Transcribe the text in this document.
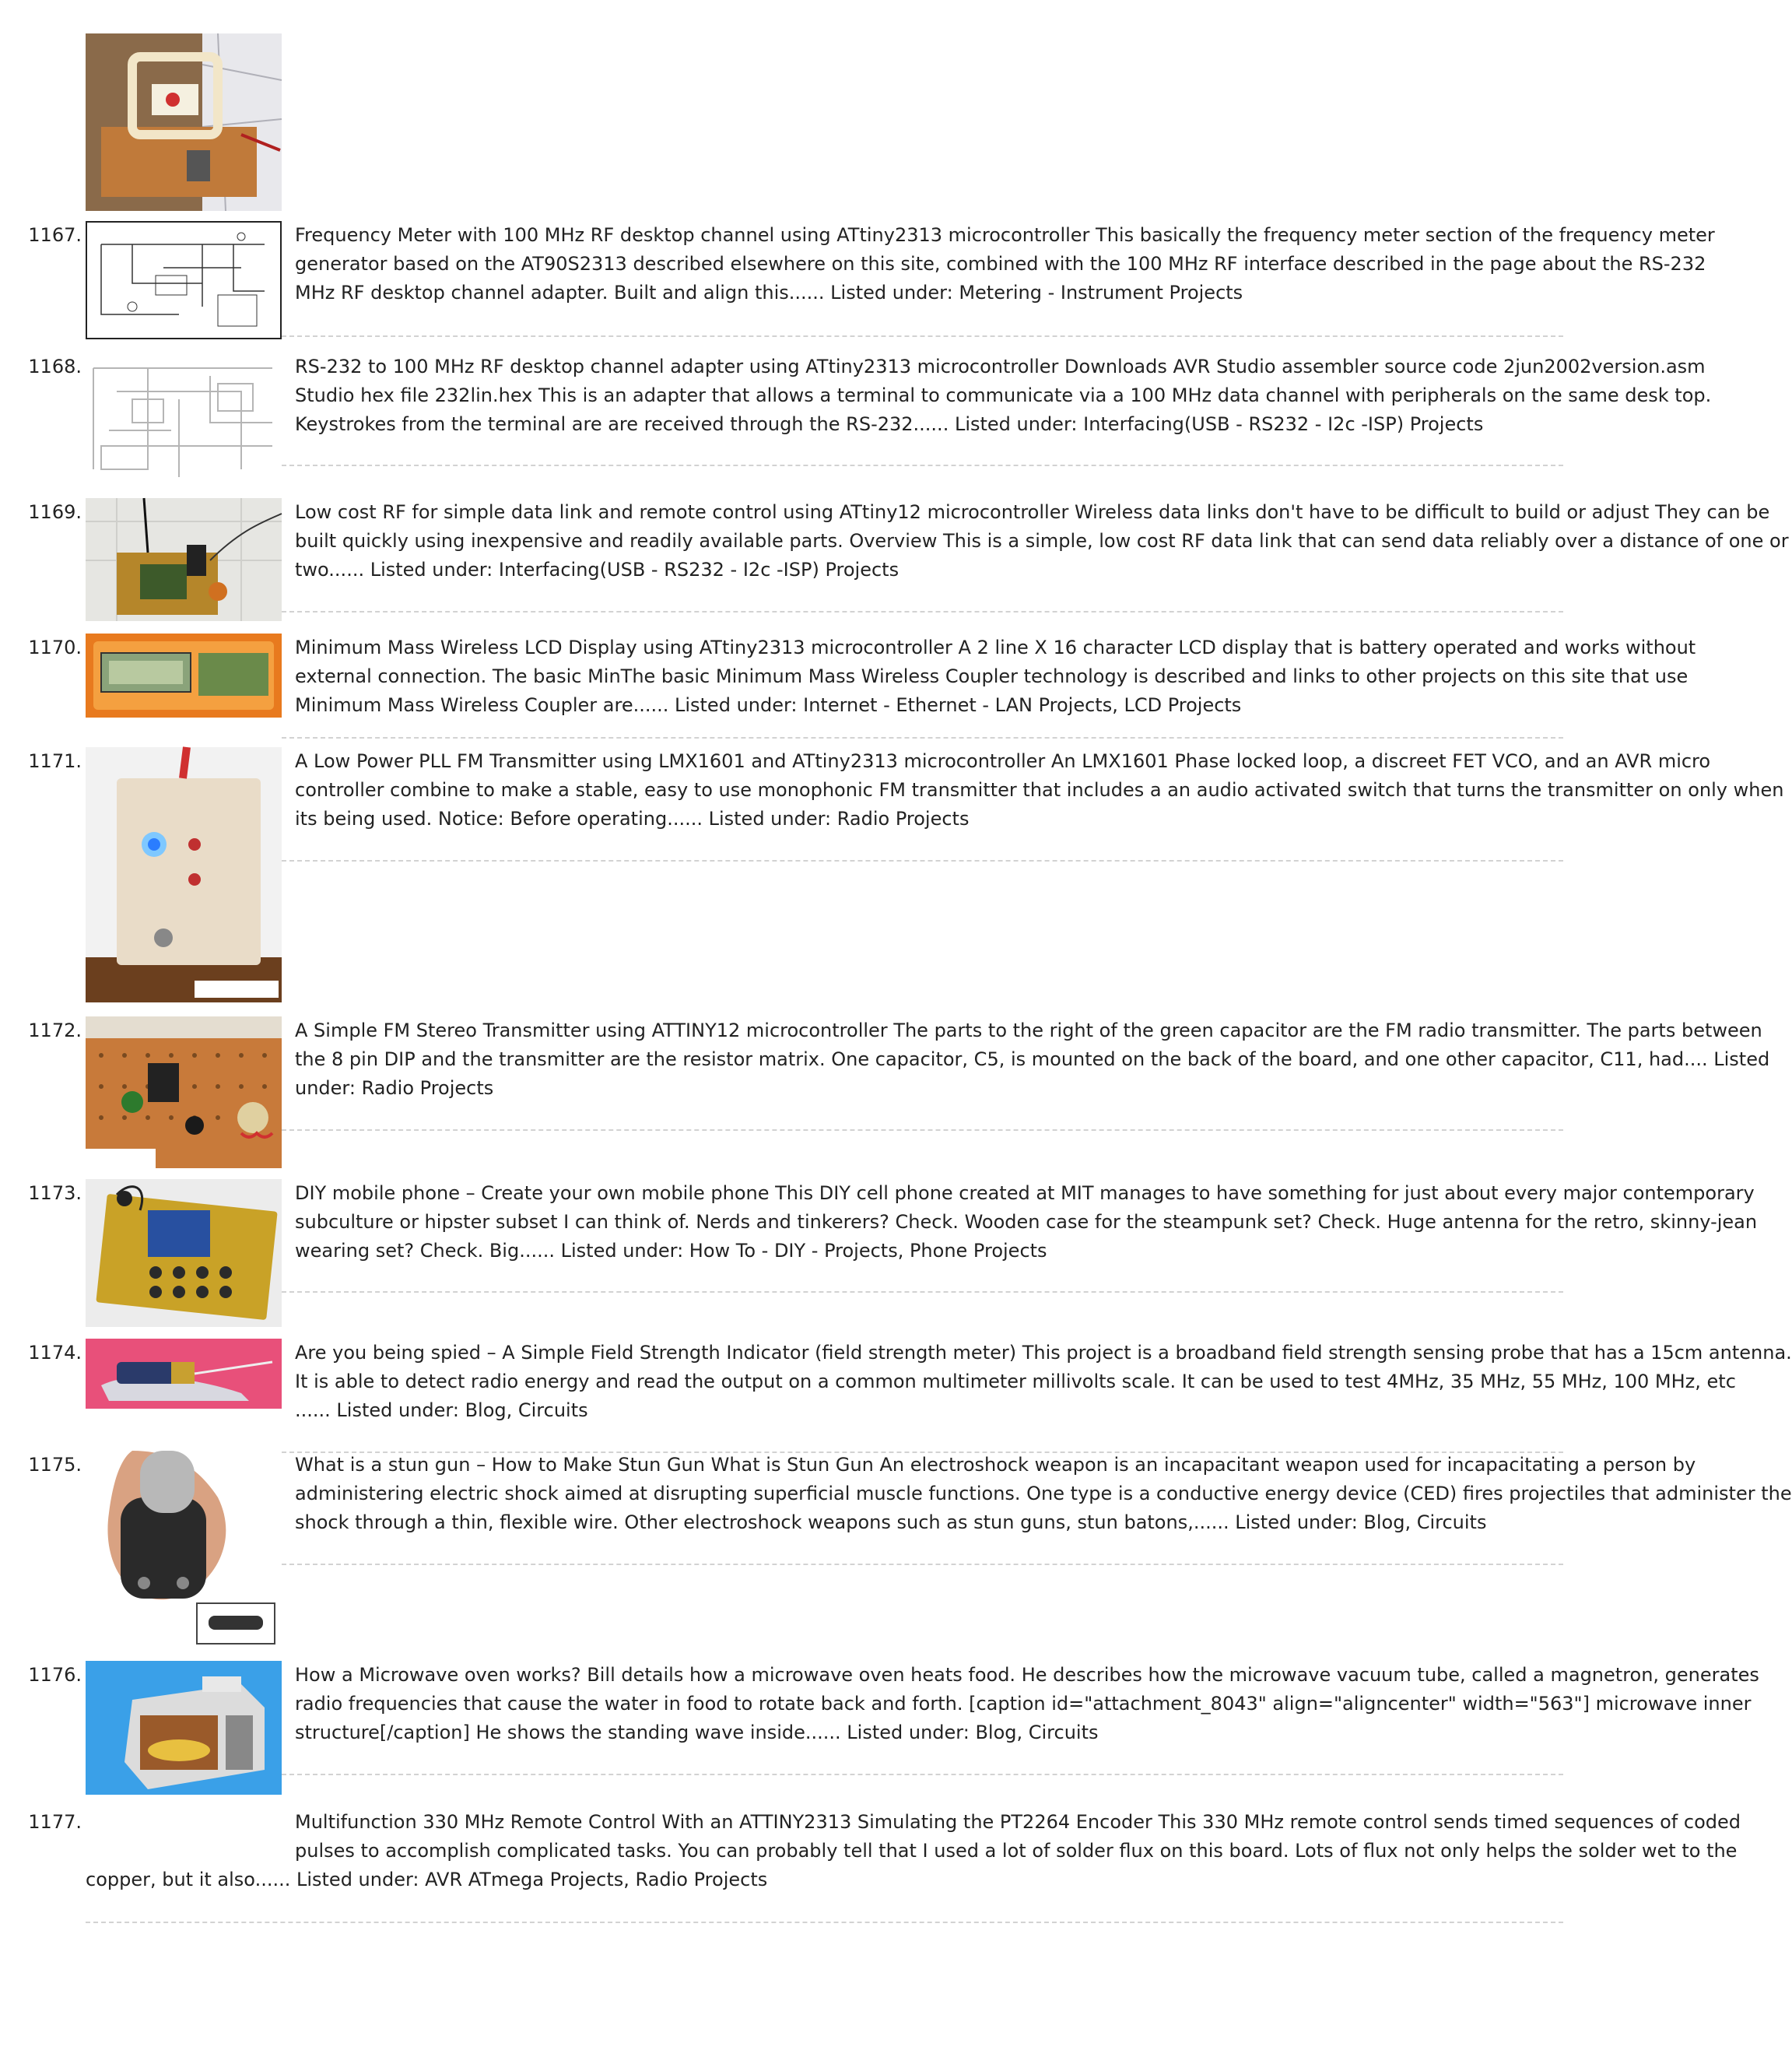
1167.	Frequency Meter with 100 MHz RF desktop channel using ATtiny2313 microcontroller This basically the frequency meter section of the frequency meter
generator based on the AT90S2313 described elsewhere on this site, combined with the 100 MHz RF interface described in the page about the RS-232
MHz RF desktop channel adapter. Built and align this...... Listed under: Metering - Instrument Projects
1168.	RS-232 to 100 MHz RF desktop channel adapter using ATtiny2313 microcontroller Downloads AVR Studio assembler source code 2jun2002version.asm
Studio hex file 232lin.hex This is an adapter that allows a terminal to communicate via a 100 MHz data channel with peripherals on the same desk top.
Keystrokes from the terminal are are received through the RS-232...... Listed under: Interfacing(USB - RS232 - I2c -ISP) Projects
1169.	Low cost RF for simple data link and remote control using ATtiny12 microcontroller Wireless data links don't have to be difficult to build or adjust They can be
built quickly using inexpensive and readily available parts. Overview This is a simple, low cost RF data link that can send data reliably over a distance of one or
two...... Listed under: Interfacing(USB - RS232 - I2c -ISP) Projects
1170.	Minimum Mass Wireless LCD Display using ATtiny2313 microcontroller A 2 line X 16 character LCD display that is battery operated and works without
external connection. The basic MinThe basic Minimum Mass Wireless Coupler technology is described and links to other projects on this site that use
Minimum Mass Wireless Coupler are...... Listed under: Internet - Ethernet - LAN Projects, LCD Projects
1171.	A Low Power PLL FM Transmitter using LMX1601 and ATtiny2313 microcontroller An LMX1601 Phase locked loop, a discreet FET VCO, and an AVR micro
controller combine to make a stable, easy to use monophonic FM transmitter that includes a an audio activated switch that turns the transmitter on only when
its being used. Notice: Before operating...... Listed under: Radio Projects
1172.	A Simple FM Stereo Transmitter using ATTINY12 microcontroller The parts to the right of the green capacitor are the FM radio transmitter. The parts between
the 8 pin DIP and the transmitter are the resistor matrix. One capacitor, C5, is mounted on the back of the board, and one other capacitor, C11, had.... Listed
under: Radio Projects
1173.	DIY mobile phone – Create your own mobile phone This DIY cell phone created at MIT manages to have something for just about every major contemporary
subculture or hipster subset I can think of. Nerds and tinkerers? Check. Wooden case for the steampunk set? Check. Huge antenna for the retro, skinny-jean
wearing set? Check. Big...... Listed under: How To - DIY - Projects, Phone Projects
1174.	Are you being spied – A Simple Field Strength Indicator (field strength meter) This project is a broadband field strength sensing probe that has a 15cm antenna.
It is able to detect radio energy and read the output on a common multimeter millivolts scale. It can be used to test 4MHz, 35 MHz, 55 MHz, 100 MHz, etc
...... Listed under: Blog, Circuits
1175.	What is a stun gun – How to Make Stun Gun What is Stun Gun An electroshock weapon is an incapacitant weapon used for incapacitating a person by
administering electric shock aimed at disrupting superficial muscle functions. One type is a conductive energy device (CED) fires projectiles that administer the
shock through a thin, flexible wire. Other electroshock weapons such as stun guns, stun batons,...... Listed under: Blog, Circuits
1176.	How a Microwave oven works? Bill details how a microwave oven heats food. He describes how the microwave vacuum tube, called a magnetron, generates
radio frequencies that cause the water in food to rotate back and forth. [caption id="attachment_8043" align="aligncenter" width="563"] microwave inner
structure[/caption] He shows the standing wave inside...... Listed under: Blog, Circuits
1177.	Multifunction 330 MHz Remote Control With an ATTINY2313 Simulating the PT2264 Encoder This 330 MHz remote control sends timed sequences of coded
pulses to accomplish complicated tasks. You can probably tell that I used a lot of solder flux on this board. Lots of flux not only helps the solder wet to the
copper, but it also...... Listed under: AVR ATmega Projects, Radio Projects
